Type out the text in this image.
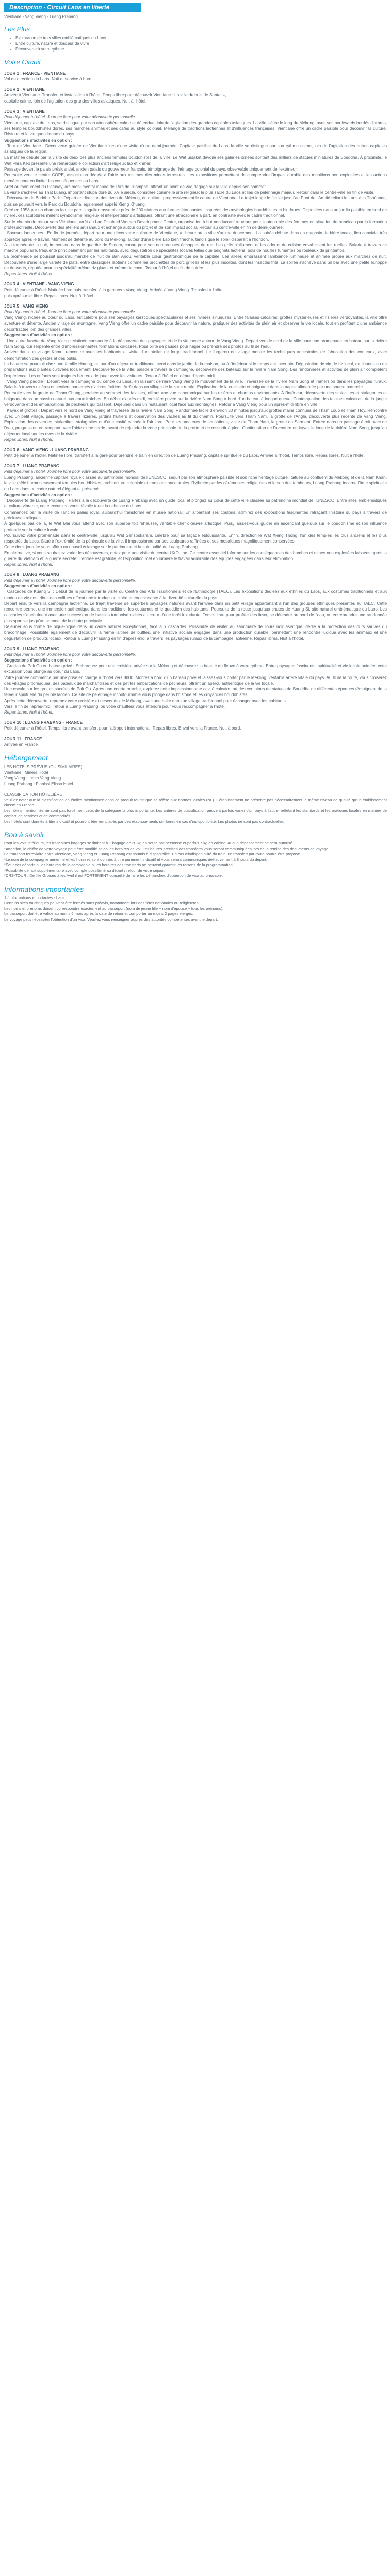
Description - Circuit Laos en liberté
Vientiane - Vang Vieng - Luang Prabang
Les Plus
• Exploration de trois villes emblématiques du Laos
• Entre culture, nature et douceur de vivre
• Découverte à votre rythme
Votre Circuit
JOUR 1 : FRANCE - VIENTIANE

Vol en direction du Laos. Nuit et service à bord.

JOUR 2 : VIENTIANE

Arrivée à Vientiane. Transfert et installation à l'hôtel. Temps libre pour découvrir Vientiane : La ville du bois de Santal »,

capitale calme, loin de l'agitation des grandes villes asiatiques. Nuit à l'hôtel.

JOUR 3 : VIENTIANE
Petit déjeuner à l'hôtel. Journée libre pour votre découverte personnelle.

Vientiane, capitale du Laos, se distingue par son atmosphère calme et détendue, loin de l'agitation des grandes capitales asiatiques. La ville s'étire le long du Mékong, avec ses boulevards bordés d'arbres, ses temples bouddhistes dorés, ses marchés animés et ses cafés au style colonial. Mélange de traditions laotiennes et d'influences françaises, Vientiane offre un cadre paisible pour découvrir la culture, l'histoire et la vie quotidienne du pays.

Suggestions d'activités en option :

· Tour de Vientiane : Découverte guidée de Vientiane lors d'une visite d'une demi-journée. Capitale paisible du Laos, la ville se distingue par son rythme calme, loin de l'agitation des autres capitales asiatiques de la région.

La matinée débute par la visite de deux des plus anciens temples bouddhistes de la ville. Le Wat Sisaket dévoile ses galeries ornées abritant des milliers de statues miniatures de Bouddha. À proximité, le Wat Phra Keo présente une remarquable collection d'art religieux lao et khmer.

Passage devant le palais présidentiel, ancien palais du gouverneur français, témoignage de l'héritage colonial du pays, observable uniquement de l'extérieur.

Poursuite vers le centre COPE, association dédiée à l'aide aux victimes des mines terrestres. Les expositions permettent de comprendre l'impact durable des munitions non explosées et les actions menées pour en limiter les conséquences au Laos.

Arrêt au monument du Patuxay, arc monumental inspiré de l'Arc de Triomphe, offrant un point de vue dégagé sur la ville depuis son sommet.

La visite s'achève au That Luang, important stupa doré du XVIe siècle, considéré comme le site religieux le plus sacré du Laos et lieu de pèlerinage majeur. Retour dans le centre-ville en fin de visite.

· Découverte de Buddha Park : Départ en direction des rives du Mékong, en quittant progressivement le centre de Vientiane. Le trajet longe le fleuve jusqu'au Pont de l'Amitié reliant le Laos à la Thaïlande, puis se poursuit vers le Parc du Bouddha, également appelé Xieng Khuang.

Créé en 1958 par un chaman lao, ce parc singulier rassemble près de 200 statues aux formes étonnantes, inspirées des mythologies bouddhistes et hindoues. Disposées dans un jardin paisible en bord de rivière, ces sculptures mêlent symbolisme religieux et interprétations artistiques, offrant une atmosphère à part, en contraste avec le cadre traditionnel.

Sur le chemin du retour vers Vientiane, arrêt au Lao Disabled Women Development Centre, organisation à but non lucratif œuvrant pour l'autonomie des femmes en situation de handicap par la formation professionnelle. Découverte des ateliers artisanaux et échange autour du projet et de son impact social. Retour au centre-ville en fin de demi-journée.

· Saveurs laotiennes : En fin de journée, départ pour une découverte culinaire de Vientiane, à l'heure où la ville s'anime doucement. La soirée débute dans un magasin de bière locale, lieu convivial très apprécié après le travail. Moment de détente au bord du Mékong, autour d'une bière Lao bien fraîche, tandis que le soleil disparaît à l'horizon.

À la tombée de la nuit, immersion dans le quartier de Simom, connu pour ses nombreuses échoppes de rue. Les grills s'allument et les odeurs de cuisine envahissent les ruelles. Balade à travers ce marché populaire, fréquenté principalement par les habitants, avec dégustation de spécialités locales telles que beignets laotiens, bols de nouilles fumantes ou rouleaux de printemps.

La promenade se poursuit jusqu'au marché de nuit de Ban Anou, véritable cœur gastronomique de la capitale. Les allées embrassent l'ambiance lumineuse et animée propre aux marchés de nuit. Découverte d'une large variété de plats, entre classiques laotiens comme les brochettes de porc grillées et les plus insolites, dont les insectes frits. La soirée s'achève dans un bar avec une petite échoppe de desserts, réputée pour sa spécialité mêlant riz gluant et crème de coco. Retour à l'hôtel en fin de soirée.

Repas libres. Nuit à l'hôtel.
JOUR 4 : VIENTIANE - VANG VIENG

Petit déjeuner à l'hôtel. Matinée libre puis transfert à la gare vers Vang Vieng. Arrivée à Vang Vieng. Transfert à l'hôtel

puis après-midi libre. Repas libres. Nuit à l'hôtel.

JOUR 5 : VANG VIENG
Petit déjeuner à l'hôtel. Journée libre pour votre découverte personnelle.

Vang Vieng, nichée au cœur du Laos, est célèbre pour ses paysages karstiques spectaculaires et ses rivières sinueuses. Entre falaises calcaires, grottes mystérieuses et rizières verdoyantes, la ville offre aventure et détente. Ancien village de montagne, Vang Vieng offre un cadre paisible pour découvrir la nature, pratiquer des activités de plein air et observer la vie locale, tout en profitant d'une ambiance décontractée loin des grandes villes.

Suggestions d'activités en option :

· Une autre facette de Vang Vieng : Matinée consacrée à la découverte des paysages et de la vie locale autour de Vang Vieng. Départ vers le nord de la ville pour une promenade en bateau sur la rivière Nam Song, qui serpente entre d'impressionnantes formations calcaires. Possibilité de pauses pour nager ou prendre des photos au fil de l'eau.

Arrivée dans un village Khmu, rencontre avec les habitants et visite d'un atelier de forge traditionnel. Le forgeron du village montre les techniques ancestrales de fabrication des couteaux, avec démonstration des gestes et des outils.

La balade se poursuit chez une famille Hmong, autour d'un déjeuner traditionnel servi dans le jardin de la maison, ou à l'intérieur si le temps est incertain. Dégustation de vin de riz local, de tisanes ou de préparations aux plantes cultivées localement. Découverte de la ville, balade à travers la campagne, découverte des bateaux sur la rivière Nam Song. Les randonnées et activités de plein air complètent l'expérience. Les enfants sont toujours heureux de jouer avec les visiteurs. Retour à l'hôtel en début d'après-midi.

· Vang Vieng paddle : Départ vers la campagne du centre du Laos, en laissant derrière Vang Vieng le mouvement de la ville. Traversée de la rivière Nam Song et immersion dans les paysages ruraux. Balade à travers rizières et sentiers parsemés d'arbres fruitiers. Arrêt dans un village de la zone rurale. Explication de la cueillette et baignade dans la nappe alimentée par une source naturelle.

Poursuite vers la grotte de Tham Chang, perchée au sommet des falaises, offrant une vue panoramique sur les rizières et champs environnants. À l'intérieur, découverte des stalactites et stalagmites et baignade dans un bassin naturel aux eaux fraîches. En début d'après-midi, croisière privée sur la rivière Nam Song à bord d'un bateau à longue queue. Contemplation des falaises calcaires, de la jungle verdoyante et des embarcations de pêcheurs qui passent. Déjeuner dans un restaurant local face aux montagnes. Retour à Vang Vieng pour un après-midi libre en ville.

· Kayak et grottes : Départ vers le nord de Vang Vieng et traversée de la rivière Nam Song. Randonnée facile d'environ 30 minutes jusqu'aux grottes mains connues de Tham Loup et Tham Hoy. Rencontre avec un petit village, passage à travers rizières, jardins fruitiers et observation des vaches au fil du chemin. Poursuite vers Tham Nam, la grotte de l'Angle, découverte plus récente de Vang Vieng. Exploration des cavernes, stalactites, stalagmites et d'une cavité cachée à l'air libre. Pour les amateurs de sensations, visite de Tham Nam, la grotte du Serment. Entrée dans un passage étroit avec de l'eau, progression en rampant avec l'aide d'une corde, avant de rejoindre la zone principale de la grotte et de ressortir à pied. Continuation de l'aventure en kayak le long de la rivière Nam Song, jusqu'au déjeuner local sur les rives de la rivière.

Repas libres. Nuit à l'hôtel.
JOUR 6 : VANG VIENG - LUANG PRABANG

Petit déjeuner à l'hôtel. Matinée libre, transfert à la gare pour prendre le train en direction de Luang Prabang, capitale spirituelle du Laos. Arrivée à l'hôtel. Temps libre. Repas libres. Nuit à l'hôtel.

JOUR 7 : LUANG PRABANG
Petit déjeuner à l'hôtel. Journée libre pour votre découverte personnelle.

Luang Prabang, ancienne capitale royale classée au patrimoine mondial de l'UNESCO, séduit par son atmosphère paisible et son riche héritage culturel. Située au confluent du Mékong et de la Nam Khan, la ville mêle harmonieusement temples bouddhistes, architecture coloniale et traditions ancestrales. Rythmée par les cérémonies religieuses et le son des tambours, Luang Prabang incarne l'âme spirituelle du Laos dans un cadre naturel élégant et préservé.

Suggestions d'activités en option :

· Découverte de Luang Prabang : Partez à la découverte de Luang Prabang avec un guide local et plongez au cœur de cette ville classée au patrimoine mondial de l'UNESCO. Entre sites emblématiques et culture vibrante, cette excursion vous dévoile toute la richesse du Laos.

Commencez par la visite de l'ancien palais royal, aujourd'hui transformé en musée national. En arpentant ses couloirs, admirez des expositions fascinantes retraçant l'histoire du pays à travers de précieuses reliques.

À quelques pas de là, le Wat Mai vous attend avec son superbe toit rehaussé, véritable chef d'œuvre artistique. Puis, laissez-vous guider en ascendant quelque sur le bouddhisme et son influence profonde sur la culture locale.

Poursuivez votre promenade dans le centre-ville jusqu'au Wat Sensoukaram, célèbre pour sa façade éblouissante. Enfin, direction le Wat Xieng Thong, l'un des temples les plus anciens et les plus respectés du Laos. Situé à l'extrémité de la péninsule de la ville, il impressionne par ses sculptures raffinées et ses mosaïques magnifiquement conservées.

Cette demi-journée vous offrira un nouvel éclairage sur le patrimoine et la spiritualité de Luang Prabang.

En alternative, si vous souhaitez varier les découvertes, optez pour une visite du centre UXO Lao. Ce centre essentiel informe sur les conséquences des bombes et mines non explosées laissées après la guerre du Vietnam et la guerre secrète. L'entrée est gratuite, et l'exposition met en lumière le travail admirable des équipes engagées dans leur élimination.

Repas libres. Nuit à l'hôtel.
JOUR 8 : LUANG PRABANG
Petit déjeuner à l'hôtel. Journée libre pour votre découverte personnelle.
Suggestions d'activités en option :

· Cascades de Kuang Si : Début de la journée par la visite du Centre des Arts Traditionnels et de l'Ethnologie (TAEC). Les expositions dédiées aux ethnies du Laos, aux costumes traditionnels et aux modes de vie des tribus des collines offrent une introduction claire et enrichissante à la diversité culturelle du pays.

Départ ensuite vers la campagne laotienne. Le trajet traverse de superbes paysages naturels avant l'arrivée dans un petit village appartenant à l'un des groupes ethniques présentés au TAEC. Cette rencontre permet une immersion authentique dans les traditions, les coutumes et le quotidien des habitants. Poursuite de la route jusqu'aux chutes de Kuang Si, site naturel emblématique du Laos. Les cascades s'enchaînent avec une succession de bassins turquoise nichés au cœur d'une forêt luxuriante. Temps libre pour profiter des lieux, se détendre au bord de l'eau, ou entreprendre une randonnée plus sportive jusqu'au sommet de la chute principale.

Déjeuner sous forme de pique-nique dans un cadre naturel exceptionnel, face aux cascades. Possibilité de visiter au sanctuaire de l'ours noir asiatique, dédié à la protection des ours sauvés du braconnage. Possibilité également de découvrir la ferme laitière de buffles, une initiative sociale engagée dans une production durable, permettant une rencontre ludique avec les animaux et une dégustation de produits locaux. Retour à Luang Prabang en fin d'après-midi à travers les paysages ruraux de la campagne laotienne. Repas libres. Nuit à l'hôtel.

JOUR 9 : LUANG PRABANG
Petit déjeuner à l'hôtel. Journée libre pour votre découverte personnelle.
Suggestions d'activités en option :

· Grottes de Pak Ou en bateau privé : Embarquez pour une croisière privée sur le Mékong et découvrez la beauté du fleuve à votre rythme. Entre paysages fascinants, spiritualité et vie locale animée, cette excursion vous plonge au cœur du Laos.

Votre journée commence par une prise en charge à l'hôtel vers 8h00. Montez à bord d'un bateau privé et laissez-vous porter par le Mékong, véritable artère vitale du pays. Au fil de la route, vous croiserez des villages pittoresques, des bateaux de marchandises et des petites embarcations de pêcheurs, offrant un aperçu authentique de la vie locale.

Une escale sur les grottes sacrées de Pak Ou. Après une courte marche, explorez cette impressionnante cavité calcaire, où des centaines de statues de Bouddha de différentes époques témoignent de la ferveur spirituelle du peuple laotien. Ce site de pèlerinage incontournable vous plonge dans l'histoire et les croyances bouddhistes.

Après cette découverte, reprenez votre croisière et descendez le Mékong, avec une halte dans un village traditionnel pour échanger avec les habitants.

Vers la fin de l'après-midi, retour à Luang Prabang, où votre chauffeur vous attendra pour vous raccompagner à l'hôtel.

Repas libres. Nuit à l'hôtel.
JOUR 10 : LUANG PRABANG - FRANCE

Petit déjeuner à l'hôtel. Temps libre avant transfert pour l'aéroport international. Repas libres. Envol vers la France. Nuit à bord.

JOUR 11 : FRANCE

Arrivée en France

Hébergement
LES HÔTELS PRÉVUS (OU SIMILAIRES)
Vientiane : Minéra Hotel
Vang Vieng : Indira Vang Vieng
Luang Prabang : Pianissi Elisso Hotel
CLASSIFICATION HÔTELIÈRE

Veuillez noter que la classification en étoiles mentionnée dans ce produit touristique se réfère aux normes locales (NL). L'établissement ne présente pas nécessairement le même niveau de qualité qu'un établissement classé en France.

Les hôtels mentionnés ne sont pas forcément ceux de la catégorie la plus importante. Les critères de classification peuvent parfois varier d'un pays à l'autre, reflétant les standards et les pratiques locales en matière de confort, de services et de commodités.

Les hôtels sont donnés à titre indicatif et pourront être remplacés par des établissements similaires en cas d'indisponibilité. Les photos ne sont pas contractuelles.

Bon à savoir

Pour les vols intérieurs, les franchises bagages se limitent à 1 bagage de 20 kg en soute par personne et parfois 7 kg en cabine. Aucun dépassement ne sera autorisé.

*Attention, le chiffre de votre voyage peut être modifié selon les horaires de vol. Les heures précises des transferts vous seront communiquées lors de la remise des documents de voyage.

Le transport ferroviaire entre Vientiane, Vang Vieng et Luang Prabang est soumis à disponibilité. En cas d'indisponibilité du train, un transfert par route pourra être proposé.

*Le nom de la compagnie aérienne et les horaires sont donnés à titre purement indicatif et vous seront communiqués définitivement à 8 jours du départ.

*Pour ces départs ni les horaires de la compagnie ni les horaires des transferts ne peuvent garantir les raisons de la programmation.

*Possibilité de nuit supplémentaire avec compte possibilité au départ / retour de votre séjour.

*CRS-TOUR : De l'Ile Groiseo à les Avril il est FORTEMENT conseillé de faire les démarches d'obtention de visa au préalable.

Informations importantes

1 / Informations importantes - Laos

Certains sites touristiques peuvent être fermés sans préavis, notamment lors des fêtes nationales ou religieuses.

Les noms et prénoms doivent correspondre exactement au passeport (nom de jeune fille + nom d'épouse + tous les prénoms).

Le passeport doit être valide au moins 6 mois après la date de retour et comporter au moins 2 pages vierges.

Le voyage peut nécessiter l'obtention d'un visa. Veuillez vous renseigner auprès des autorités compétentes avant le départ.
